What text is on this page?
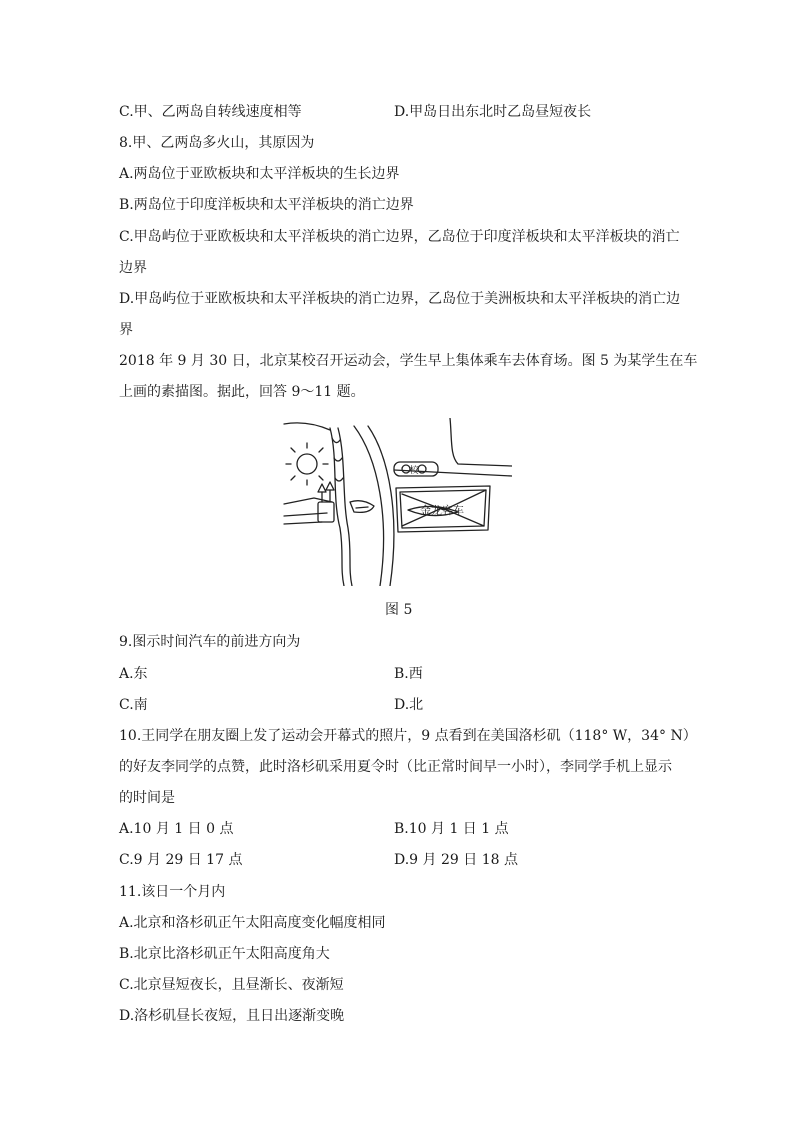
C.甲、乙两岛自转线速度相等	D.甲岛日出东北时乙岛昼短夜长
8.甲、乙两岛多火山，其原因为
A.两岛位于亚欧板块和太平洋板块的生长边界
B.两岛位于印度洋板块和太平洋板块的消亡边界
C.甲岛屿位于亚欧板块和太平洋板块的消亡边界，乙岛位于印度洋板块和太平洋板块的消亡
边界
D.甲岛屿位于亚欧板块和太平洋板块的消亡边界，乙岛位于美洲板块和太平洋板块的消亡边
界
2018 年 9 月 30 日，北京某校召开运动会，学生早上集体乘车去体育场。图 5 为某学生在车
上画的素描图。据此，回答 9～11 题。
校
金龙客车
图 5
9.图示时间汽车的前进方向为
A.东	B.西
C.南	D.北
10.王同学在朋友圈上发了运动会开幕式的照片，9 点看到在美国洛杉矶（118° W，34° N）
的好友李同学的点赞，此时洛杉矶采用夏令时（比正常时间早一小时），李同学手机上显示
的时间是
A.10 月 1 日 0 点	B.10 月 1 日 1 点
C.9 月 29 日 17 点	D.9 月 29 日 18 点
11.该日一个月内
A.北京和洛杉矶正午太阳高度变化幅度相同
B.北京比洛杉矶正午太阳高度角大
C.北京昼短夜长，且昼渐长、夜渐短
D.洛杉矶昼长夜短，且日出逐渐变晚
